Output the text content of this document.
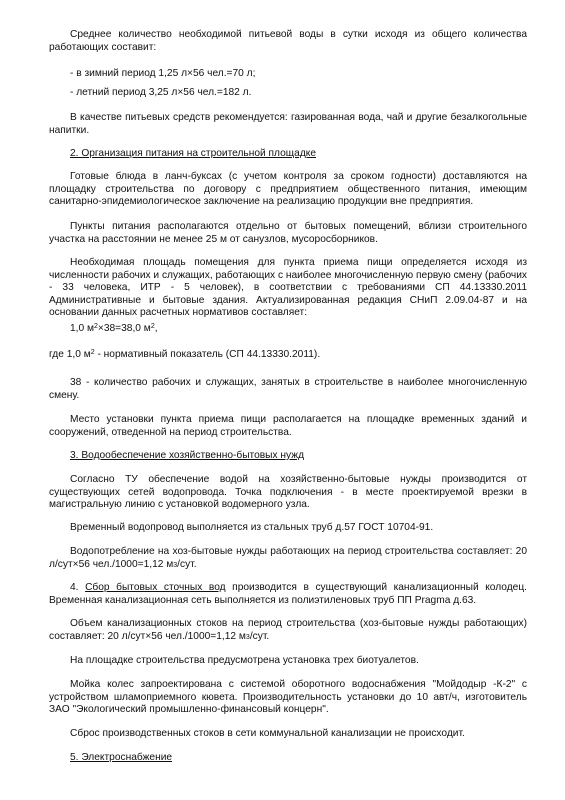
Среднее количество необходимой питьевой воды в сутки исходя из общего количества работающих составит:

- в зимний период 1,25 л×56 чел.=70 л;

- летний период 3,25 л×56 чел.=182 л.

В качестве питьевых средств рекомендуется: газированная вода, чай и другие безалкогольные напитки.

2. Организация питания на строительной площадке

Готовые блюда в ланч-буксах (с учетом контроля за сроком годности) доставляются на площадку строительства по договору с предприятием общественного питания, имеющим санитарно-эпидемиологическое заключение на реализацию продукции вне предприятия.

Пункты питания располагаются отдельно от бытовых помещений, вблизи строительного участка на расстоянии не менее 25 м от санузлов, мусоросборников.

Необходимая площадь помещения для пункта приема пищи определяется исходя из численности рабочих и служащих, работающих с наиболее многочисленную первую смену (рабочих - 33 человека, ИТР - 5 человек), в соответствии с требованиями СП 44.13330.2011 Административные и бытовые здания. Актуализированная редакция СНиП 2.09.04-87 и на основании данных расчетных нормативов составляет:

1,0 $м^2\times 38=38,0$ $м^2$,

где 1,0 $м^2$ - нормативный показатель (СП 44.13330.2011).

38 - количество рабочих и служащих, занятых в строительстве в наиболее многочисленную смену.

Место установки пункта приема пищи располагается на площадке временных зданий и сооружений, отведенной на период строительства.

3. Водообеспечение хозяйственно-бытовых нужд

Согласно ТУ обеспечение водой на хозяйственно-бытовые нужды производится от существующих сетей водопровода. Точка подключения - в месте проектируемой врезки в магистральную линию с установкой водомерного узла.

Временный водопровод выполняется из стальных труб д.57 ГОСТ 10704-91.

Водопотребление на хоз-бытовые нужды работающих на период строительства составляет: 20 л/сут×56 чел./1000=1,12 м3/сут.

4. Сбор бытовых сточных вод производится в существующий канализационный колодец. Временная канализационная сеть выполняется из полиэтиленовых труб ПП Pragma д.63.

Объем канализационных стоков на период строительства (хоз-бытовые нужды работающих) составляет: 20 л/сут×56 чел./1000=1,12 м3/сут.

На площадке строительства предусмотрена установка трех биотуалетов.

Мойка колес запроектирована с системой оборотного водоснабжения "Мойдодыр -К-2" с устройством шламоприемного кювета. Производительность установки до 10 авт/ч, изготовитель ЗАО "Экологический промышленно-финансовый концерн".

Сброс производственных стоков в сети коммунальной канализации не происходит.

5. Электроснабжение
